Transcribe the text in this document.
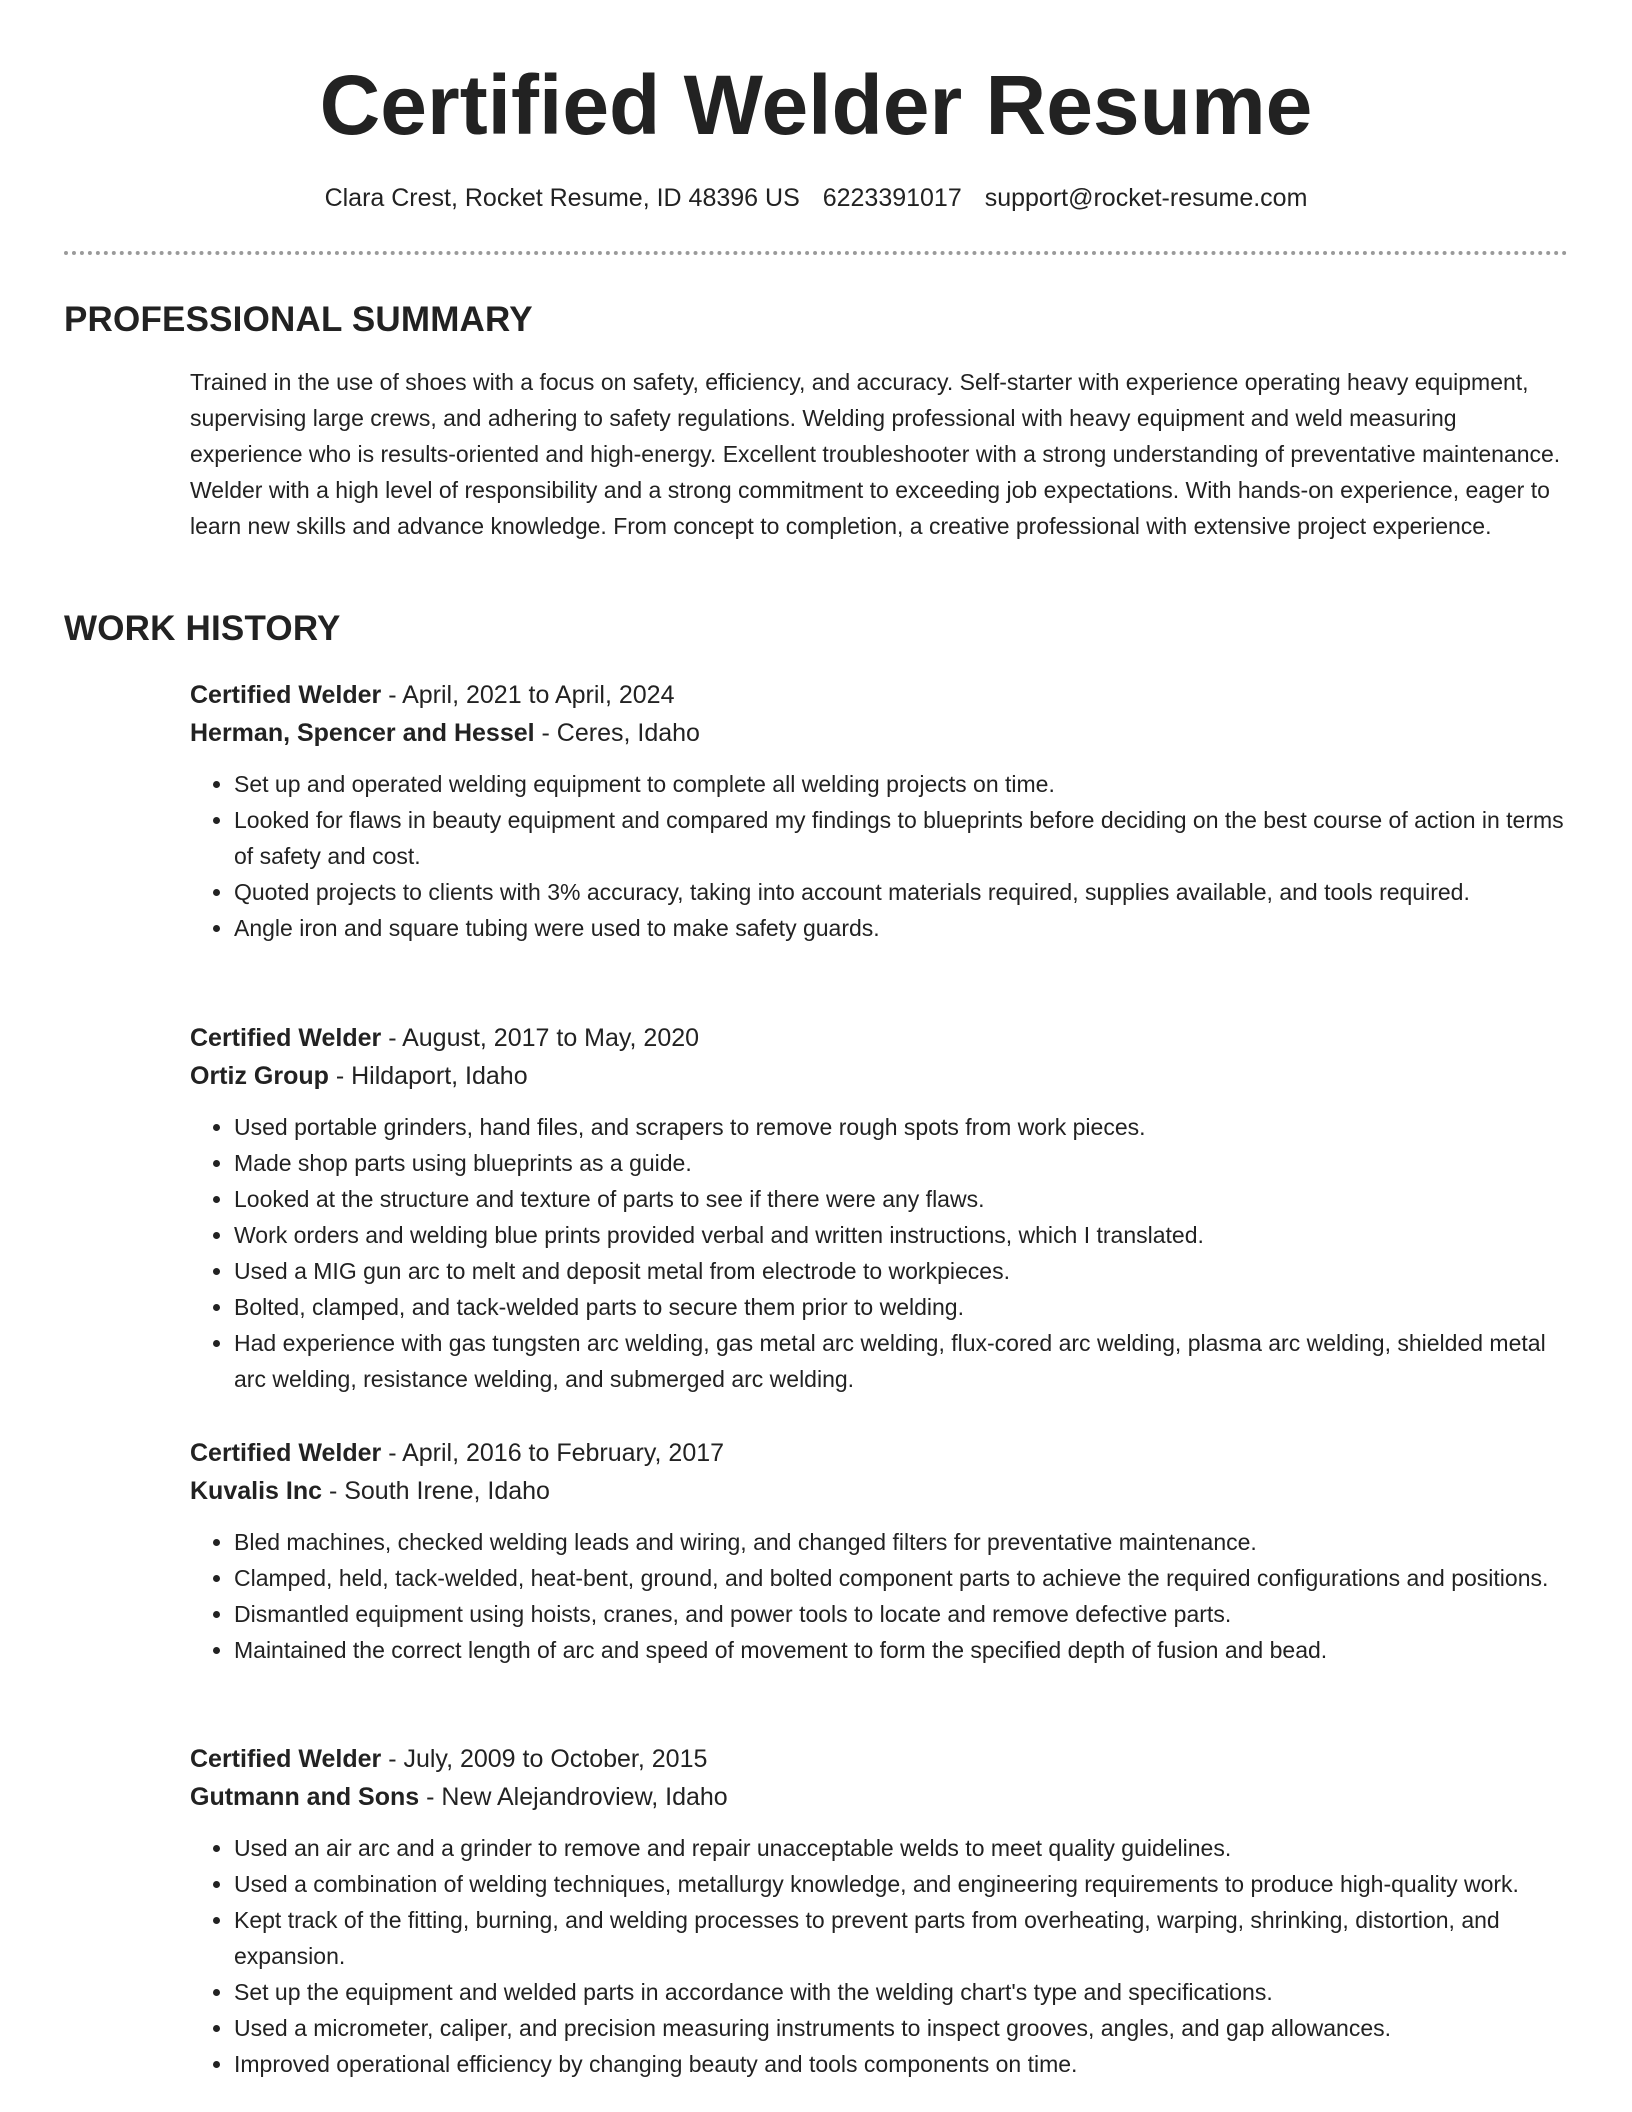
Certified Welder Resume
Clara Crest, Rocket Resume, ID 48396 US 6223391017 support@rocket-resume.com
PROFESSIONAL SUMMARY

Trained in the use of shoes with a focus on safety, efficiency, and accuracy. Self-starter with experience operating heavy equipment, supervising large crews, and adhering to safety regulations. Welding professional with heavy equipment and weld measuring experience who is results-oriented and high-energy. Excellent troubleshooter with a strong understanding of preventative maintenance. Welder with a high level of responsibility and a strong commitment to exceeding job expectations. With hands-on experience, eager to learn new skills and advance knowledge. From concept to completion, a creative professional with extensive project experience.

WORK HISTORY
Certified Welder - April, 2021 to April, 2024
Herman, Spencer and Hessel - Ceres, Idaho
• Set up and operated welding equipment to complete all welding projects on time.
• Looked for flaws in beauty equipment and compared my findings to blueprints before deciding on the best course of action in terms of safety and cost.
• Quoted projects to clients with 3% accuracy, taking into account materials required, supplies available, and tools required.
• Angle iron and square tubing were used to make safety guards.
Certified Welder - August, 2017 to May, 2020
Ortiz Group - Hildaport, Idaho
• Used portable grinders, hand files, and scrapers to remove rough spots from work pieces.
• Made shop parts using blueprints as a guide.
• Looked at the structure and texture of parts to see if there were any flaws.
• Work orders and welding blue prints provided verbal and written instructions, which I translated.
• Used a MIG gun arc to melt and deposit metal from electrode to workpieces.
• Bolted, clamped, and tack-welded parts to secure them prior to welding.
• Had experience with gas tungsten arc welding, gas metal arc welding, flux-cored arc welding, plasma arc welding, shielded metal arc welding, resistance welding, and submerged arc welding.
Certified Welder - April, 2016 to February, 2017
Kuvalis Inc - South Irene, Idaho
• Bled machines, checked welding leads and wiring, and changed filters for preventative maintenance.
• Clamped, held, tack-welded, heat-bent, ground, and bolted component parts to achieve the required configurations and positions.
• Dismantled equipment using hoists, cranes, and power tools to locate and remove defective parts.
• Maintained the correct length of arc and speed of movement to form the specified depth of fusion and bead.
Certified Welder - July, 2009 to October, 2015
Gutmann and Sons - New Alejandroview, Idaho
• Used an air arc and a grinder to remove and repair unacceptable welds to meet quality guidelines.
• Used a combination of welding techniques, metallurgy knowledge, and engineering requirements to produce high-quality work.
• Kept track of the fitting, burning, and welding processes to prevent parts from overheating, warping, shrinking, distortion, and expansion.
• Set up the equipment and welded parts in accordance with the welding chart's type and specifications.
• Used a micrometer, caliper, and precision measuring instruments to inspect grooves, angles, and gap allowances.
• Improved operational efficiency by changing beauty and tools components on time.
